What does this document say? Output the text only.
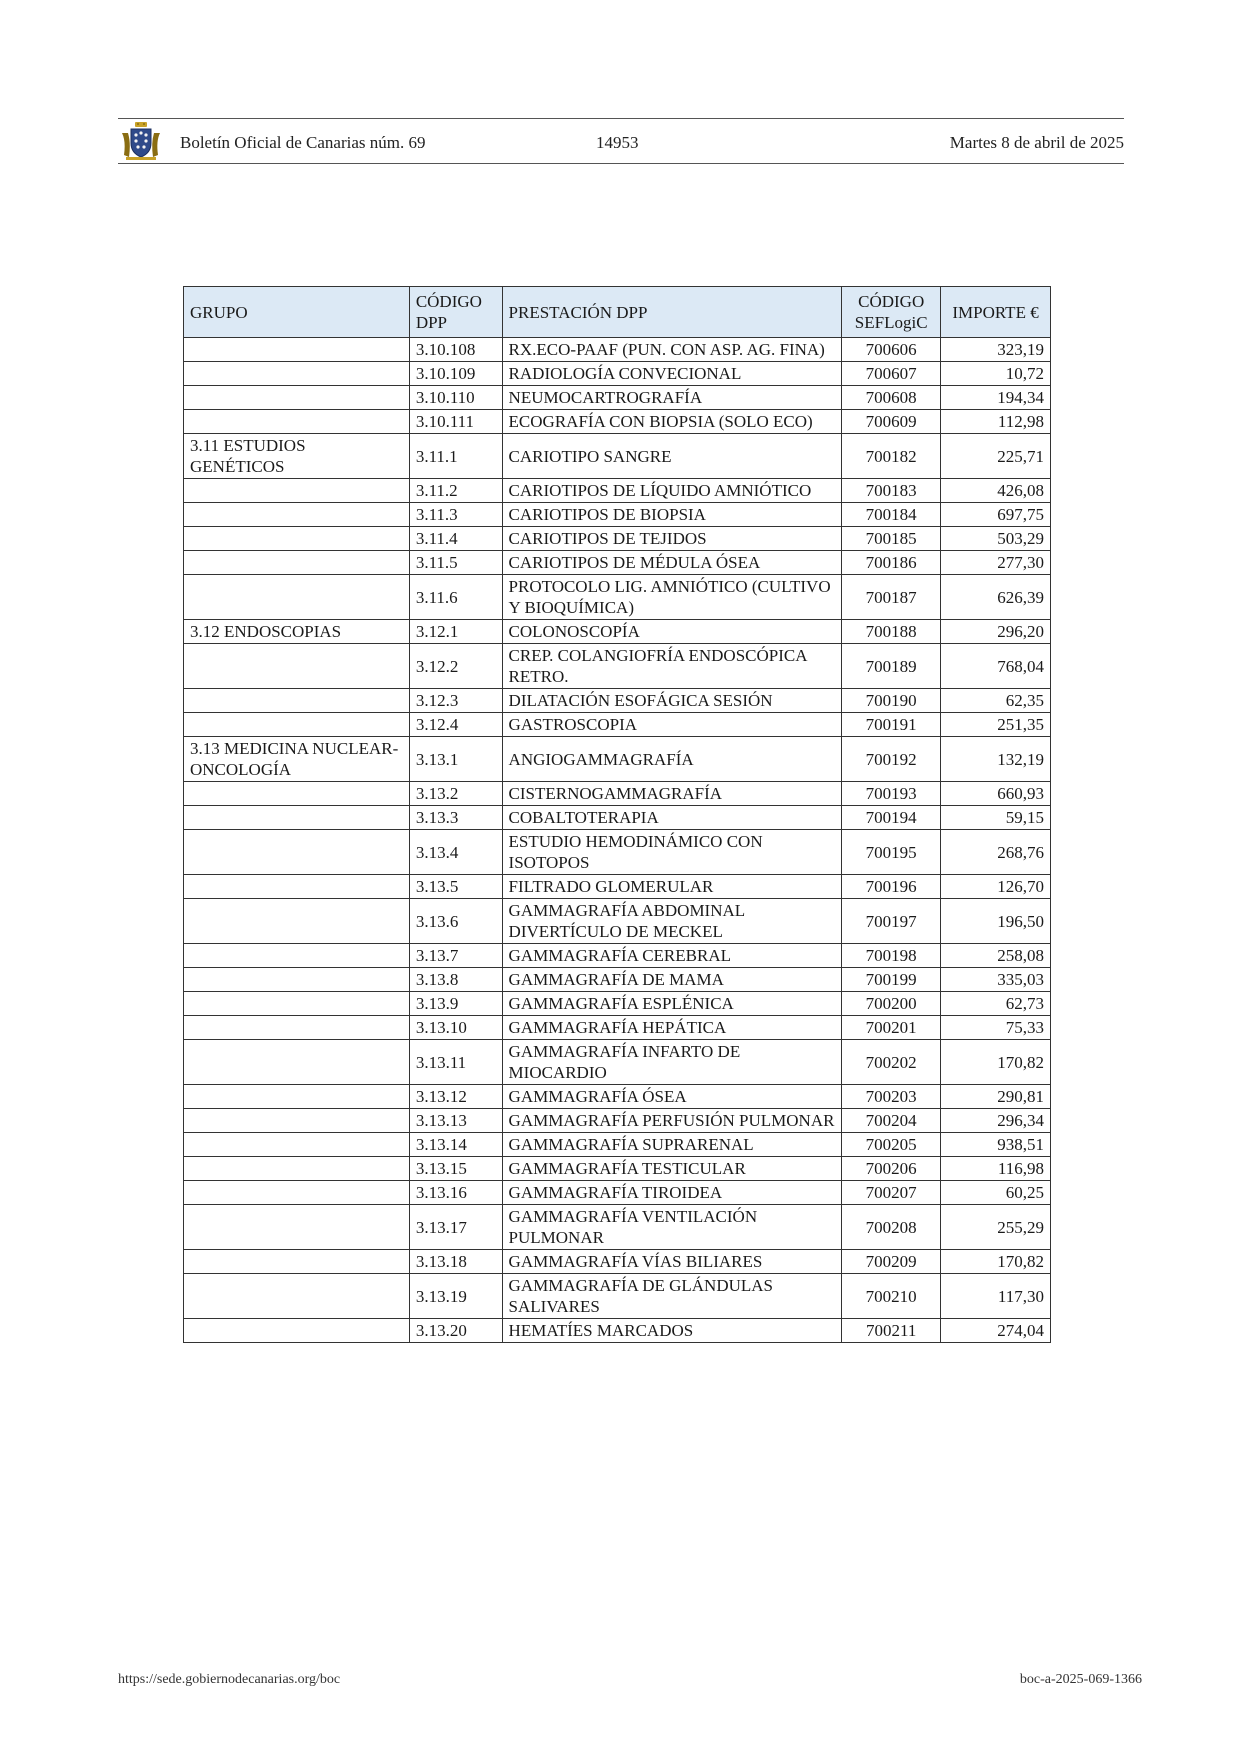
Boletín Oficial de Canarias núm. 69	14953	Martes 8 de abril de 2025
GRUPO	CÓDIGO DPP	PRESTACIÓN DPP	CÓDIGO SEFLogiC	IMPORTE €
	3.10.108	RX.ECO-PAAF (PUN. CON ASP. AG. FINA)	700606	323,19
	3.10.109	RADIOLOGÍA CONVECIONAL	700607	10,72
	3.10.110	NEUMOCARTROGRAFÍA	700608	194,34
	3.10.111	ECOGRAFÍA CON BIOPSIA (SOLO ECO)	700609	112,98
3.11 ESTUDIOS GENÉTICOS	3.11.1	CARIOTIPO SANGRE	700182	225,71
	3.11.2	CARIOTIPOS DE LÍQUIDO AMNIÓTICO	700183	426,08
	3.11.3	CARIOTIPOS DE BIOPSIA	700184	697,75
	3.11.4	CARIOTIPOS DE TEJIDOS	700185	503,29
	3.11.5	CARIOTIPOS DE MÉDULA ÓSEA	700186	277,30
	3.11.6	PROTOCOLO LIG. AMNIÓTICO (CULTIVO Y BIOQUÍMICA)	700187	626,39
3.12 ENDOSCOPIAS	3.12.1	COLONOSCOPÍA	700188	296,20
	3.12.2	CREP. COLANGIOFRÍA ENDOSCÓPICA RETRO.	700189	768,04
	3.12.3	DILATACIÓN ESOFÁGICA SESIÓN	700190	62,35
	3.12.4	GASTROSCOPIA	700191	251,35
3.13 MEDICINA NUCLEAR-ONCOLOGÍA	3.13.1	ANGIOGAMMAGRAFÍA	700192	132,19
	3.13.2	CISTERNOGAMMAGRAFÍA	700193	660,93
	3.13.3	COBALTOTERAPIA	700194	59,15
	3.13.4	ESTUDIO HEMODINÁMICO CON ISOTOPOS	700195	268,76
	3.13.5	FILTRADO GLOMERULAR	700196	126,70
	3.13.6	GAMMAGRAFÍA ABDOMINAL DIVERTÍCULO DE MECKEL	700197	196,50
	3.13.7	GAMMAGRAFÍA CEREBRAL	700198	258,08
	3.13.8	GAMMAGRAFÍA DE MAMA	700199	335,03
	3.13.9	GAMMAGRAFÍA ESPLÉNICA	700200	62,73
	3.13.10	GAMMAGRAFÍA HEPÁTICA	700201	75,33
	3.13.11	GAMMAGRAFÍA INFARTO DE MIOCARDIO	700202	170,82
	3.13.12	GAMMAGRAFÍA ÓSEA	700203	290,81
	3.13.13	GAMMAGRAFÍA PERFUSIÓN PULMONAR	700204	296,34
	3.13.14	GAMMAGRAFÍA SUPRARENAL	700205	938,51
	3.13.15	GAMMAGRAFÍA TESTICULAR	700206	116,98
	3.13.16	GAMMAGRAFÍA TIROIDEA	700207	60,25
	3.13.17	GAMMAGRAFÍA VENTILACIÓN PULMONAR	700208	255,29
	3.13.18	GAMMAGRAFÍA VÍAS BILIARES	700209	170,82
	3.13.19	GAMMAGRAFÍA DE GLÁNDULAS SALIVARES	700210	117,30
	3.13.20	HEMATÍES MARCADOS	700211	274,04
https://sede.gobiernodecanarias.org/boc	boc-a-2025-069-1366
